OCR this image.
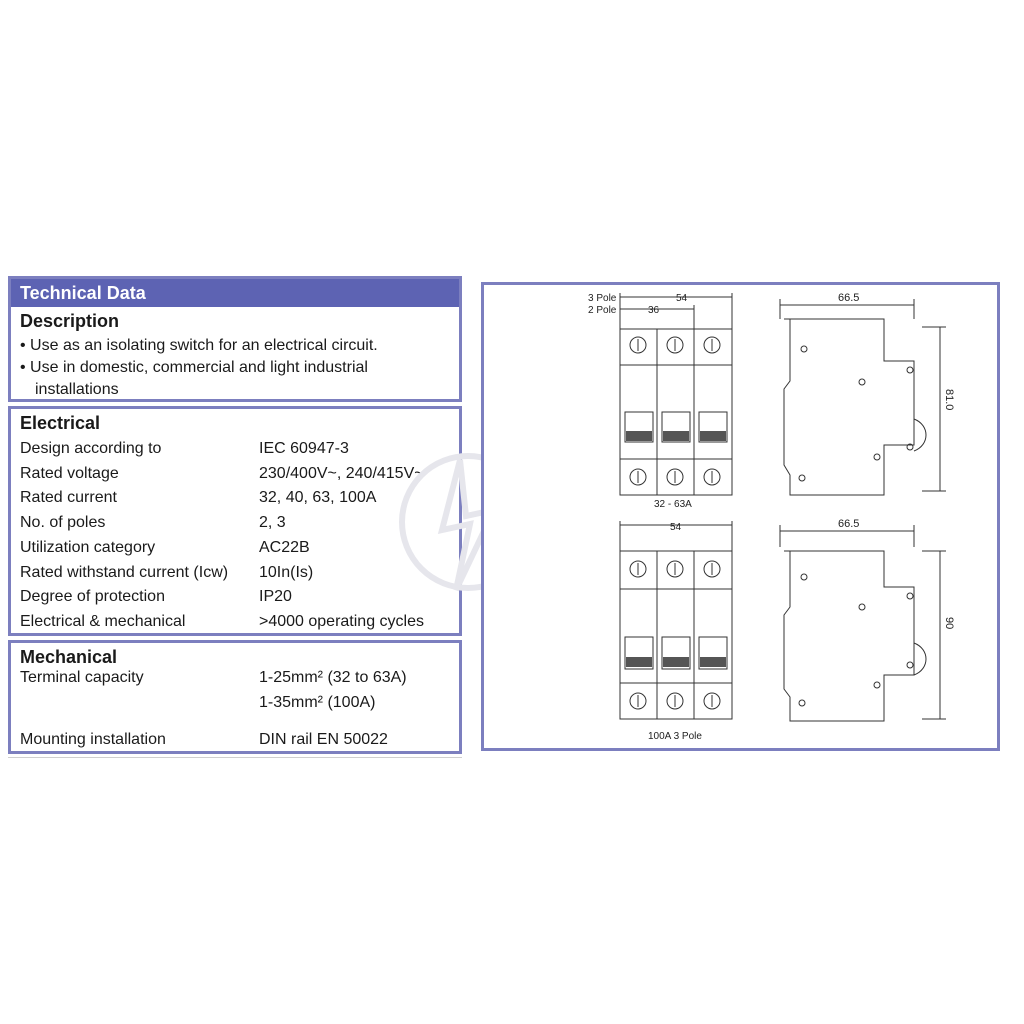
Technical Data
Description
• Use as an isolating switch for an electrical circuit.
• Use in domestic, commercial and light industrial
installations
Electrical
Design according to	IEC 60947-3
Rated voltage	230/400V~, 240/415V~
Rated current	32, 40, 63, 100A
No. of poles	2, 3
Utilization category	AC22B
Rated withstand current (Icw) 10In(Is)
Degree of protection	IP20
Electrical & mechanical	>4000 operating cycles
Mechanical
Terminal capacity	1-25mm² (32 to 63A)
1-35mm² (100A)
Mounting installation	DIN rail EN 50022
3 Pole
2 Pole
54
36
32 - 63A
66.5
81.0
54
100A 3 Pole
66.5
90
